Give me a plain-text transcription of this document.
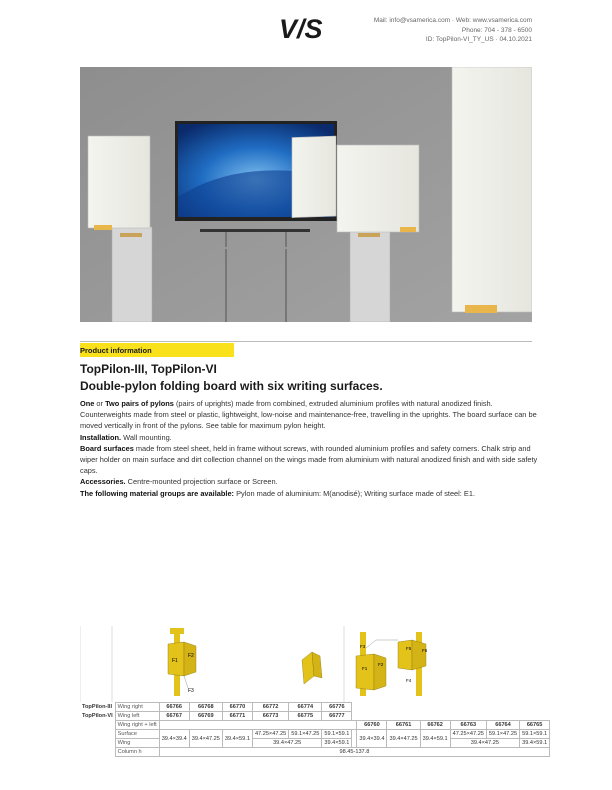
V/S	Mail: info@vsamerica.com · Web: www.vsamerica.com
Phone: 704 - 378 - 6500
ID: TopPilon-VI_TY_US · 04.10.2021
Product information
TopPilon-III, TopPilon-VI
Double-pylon folding board with six writing surfaces.

One or Two pairs of pylons (pairs of uprights) made from combined, extruded aluminium profiles with natural anodized finish. Counterweights made from steel or plastic, lightweight, low-noise and maintenance-free, travelling in the uprights. The board surface can be moved vertically in front of the pylons. See table for maximum pylon height.

Installation. Wall mounting.

Board surfaces made from steel sheet, held in frame without screws, with rounded aluminium profiles and safety corners. Chalk strip and wiper holder on main surface and dirt collection channel on the wings made from aluminium with natural anodized finish and with side safety caps.

Accessories. Centre-mounted projection surface or Screen.

The following material groups are available: Pylon made of aluminium: M(anodisé); Writing surface made of steel: E1.

F1
F2
F3
F3	F5 F6
F1
F2
F4
TopPilon-III	Wing right	66766	66768	66770	66772	66774	66776							
TopPilon-VI	Wing left	66767	66769	66771	66773	66775	66777							
	Wing right + left								66760	66761	66762	66763	66764	66765
	Surface	39.4×39.4	39.4×47.25	39.4×59.1	47.25×47.25	59.1×47.25	59.1×59.1		39.4×39.4	39.4×47.25	39.4×59.1	47.25×47.25	59.1×47.25	59.1×59.1
	Wing				39.4×47.25		39.4×59.1					39.4×47.25		39.4×59.1
	Column h	98.45-137.8												
